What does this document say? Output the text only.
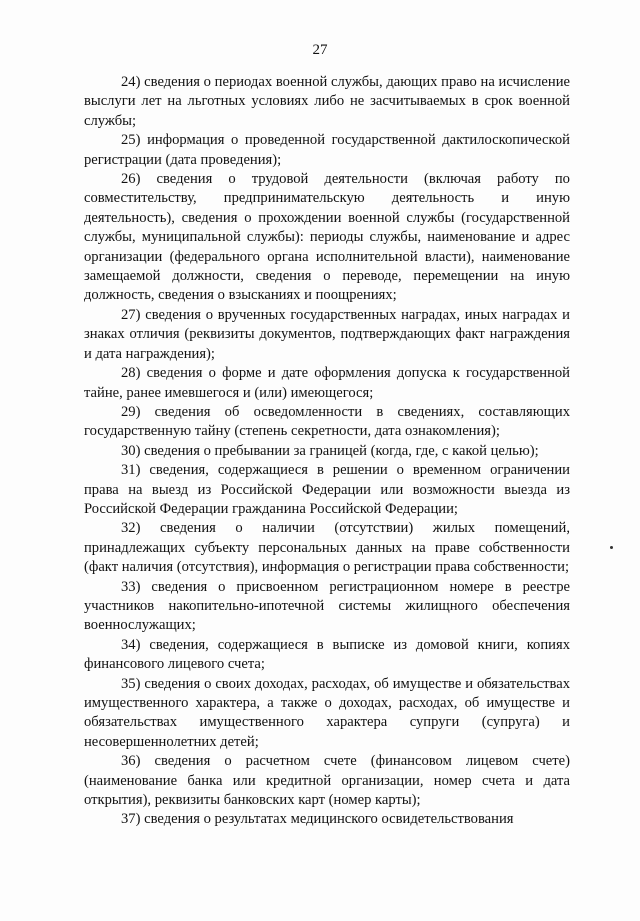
27

24) сведения о периодах военной службы, дающих право на исчисление выслуги лет на льготных условиях либо не засчитываемых в срок военной службы;

25) информация о проведенной государственной дактилоскопической регистрации (дата проведения);

26) сведения о трудовой деятельности (включая работу по совместительству, предпринимательскую деятельность и иную деятельность), сведения о прохождении военной службы (государственной службы, муниципальной службы): периоды службы, наименование и адрес организации (федерального органа исполнительной власти), наименование замещаемой должности, сведения о переводе, перемещении на иную должность, сведения о взысканиях и поощрениях;

27) сведения о врученных государственных наградах, иных наградах и знаках отличия (реквизиты документов, подтверждающих факт награждения и дата награждения);

28) сведения о форме и дате оформления допуска к государственной тайне, ранее имевшегося и (или) имеющегося;

29) сведения об осведомленности в сведениях, составляющих государственную тайну (степень секретности, дата ознакомления);

30) сведения о пребывании за границей (когда, где, с какой целью);

31) сведения, содержащиеся в решении о временном ограничении права на выезд из Российской Федерации или возможности выезда из Российской Федерации гражданина Российской Федерации;

32) сведения о наличии (отсутствии) жилых помещений, принадлежащих субъекту персональных данных на праве собственности (факт наличия (отсутствия), информация о регистрации права собственности;

33) сведения о присвоенном регистрационном номере в реестре участников накопительно-ипотечной системы жилищного обеспечения военнослужащих;

34) сведения, содержащиеся в выписке из домовой книги, копиях финансового лицевого счета;

35) сведения о своих доходах, расходах, об имуществе и обязательствах имущественного характера, а также о доходах, расходах, об имуществе и обязательствах имущественного характера супруги (супруга) и несовершеннолетних детей;

36) сведения о расчетном счете (финансовом лицевом счете) (наименование банка или кредитной организации, номер счета и дата открытия), реквизиты банковских карт (номер карты);

37) сведения о результатах медицинского освидетельствования
